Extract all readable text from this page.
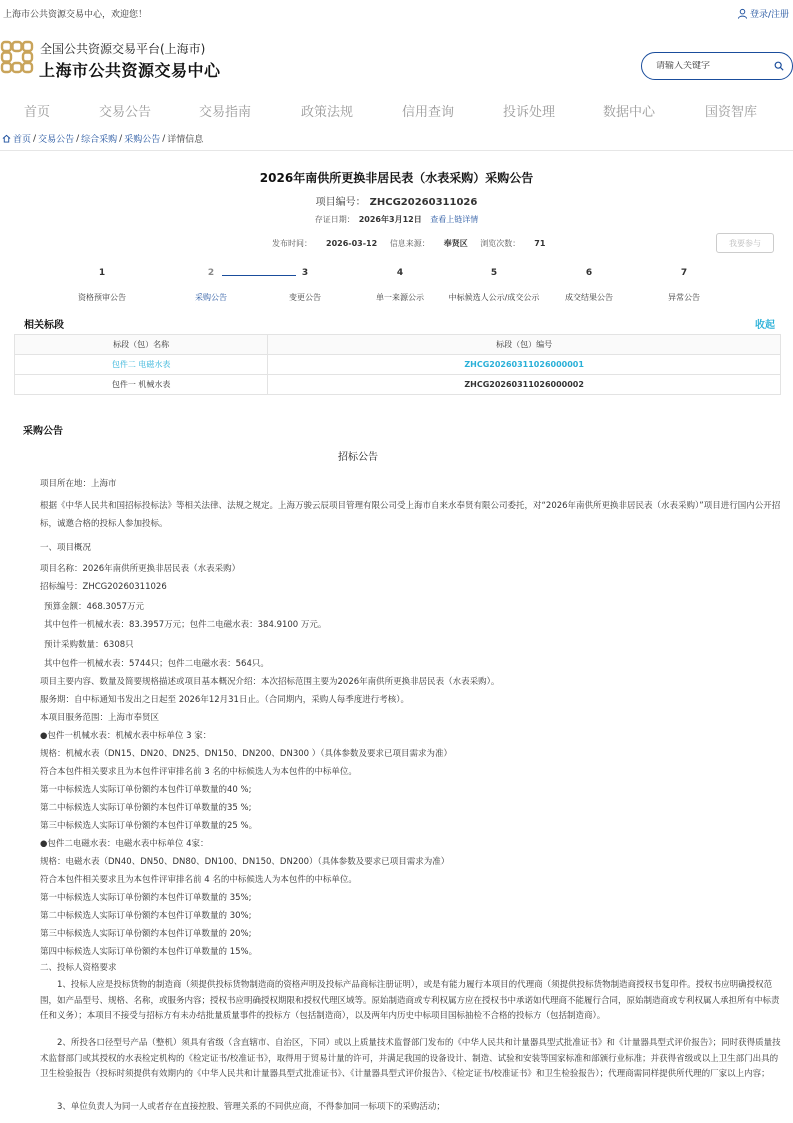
上海市公共资源交易中心，欢迎您！	登录/注册
全国公共资源交易平台(上海市)
上海市公共资源交易中心
请输入关键字
首页	交易公告	交易指南	政策法规	信用查询	投诉处理	数据中心	国资智库
首页 / 交易公告 / 综合采购 / 采购公告 / 详情信息
2026年南供所更换非居民表（水表采购）采购公告
项目编号： ZHCG20260311026
存证日期： 2026年3月12日 查看上链详情
发布时间： 2026-03-12 信息来源： 奉贤区 浏览次数： 71	我要参与
1
资格预审公告
2
采购公告
3
变更公告
4
单一来源公示
5
中标候选人公示/成交公示
6
成交结果公告
7
异常公告
相关标段	收起
标段（包）名称	标段（包）编号
包件二 电磁水表	ZHCG20260311026000001
包件一 机械水表	ZHCG20260311026000002
采购公告
招标公告
项目所在地：上海市
根据《中华人民共和国招标投标法》等相关法律、法规之规定。上海万骏云辰项目管理有限公司受上海市自来水奉贤有限公司委托，对“2026年南供所更换非居民表（水表采购）”项目进行国内公开招标，诚邀合格的投标人参加投标。
一、项目概况
项目名称：2026年南供所更换非居民表（水表采购）
招标编号：ZHCG20260311026
预算金额：468.3057万元
其中包件一机械水表：83.3957万元；包件二电磁水表：384.9100 万元。
预计采购数量：6308只
其中包件一机械水表：5744只；包件二电磁水表：564只。
项目主要内容、数量及简要规格描述或项目基本概况介绍：本次招标范围主要为2026年南供所更换非居民表（水表采购）。
服务期：自中标通知书发出之日起至 2026年12月31日止。（合同期内，采购人每季度进行考核）。
本项目服务范围：上海市奉贤区
●包件一机械水表：机械水表中标单位 3 家：
规格：机械水表（DN15、DN20、DN25、DN150、DN200、DN300 ）（具体参数及要求已项目需求为准）
符合本包件相关要求且为本包件评审排名前 3 名的中标候选人为本包件的中标单位。
第一中标候选人实际订单份额约本包件订单数量的40 %;
第二中标候选人实际订单份额约本包件订单数量的35 %;
第三中标候选人实际订单份额约本包件订单数量的25 %。
●包件二电磁水表：电磁水表中标单位 4家：
规格：电磁水表（DN40、DN50、DN80、DN100、DN150、DN200）（具体参数及要求已项目需求为准）
符合本包件相关要求且为本包件评审排名前 4 名的中标候选人为本包件的中标单位。
第一中标候选人实际订单份额约本包件订单数量的 35%;
第二中标候选人实际订单份额约本包件订单数量的 30%;
第三中标候选人实际订单份额约本包件订单数量的 20%;
第四中标候选人实际订单份额约本包件订单数量的 15%。
二、投标人资格要求
1、投标人应是投标货物的制造商（须提供投标货物制造商的资格声明及投标产品商标注册证明），或是有能力履行本项目的代理商（须提供投标货物制造商授权书复印件。授权书应明确授权范围，如产品型号、规格、名称，或服务内容；授权书应明确授权期限和授权代理区域等。原始制造商或专利权属方应在授权书中承诺如代理商不能履行合同，原始制造商或专利权属人承担所有中标责任和义务）；本项目不接受与招标方有未办结批量质量事件的投标方（包括制造商），以及两年内历史中标项目国标抽检不合格的投标方（包括制造商）。
2、所投各口径型号产品（整机）须具有省级（含直辖市、自治区，下同）或以上质量技术监督部门发布的《中华人民共和计量器具型式批准证书》和《计量器具型式评价报告》；同时获得质量技术监督部门或其授权的水表检定机构的《检定证书/校准证书》，取得用于贸易计量的许可，并满足我国的设备设计、制造、试验和安装等国家标准和部颁行业标准；并获得省级或以上卫生部门出具的卫生检验报告（投标时须提供有效期内的《中华人民共和计量器具型式批准证书》、《计量器具型式评价报告》、《检定证书/校准证书》和卫生检验报告）；代理商需同样提供所代理的厂家以上内容；
3、单位负责人为同一人或者存在直接控股、管理关系的不同供应商，不得参加同一标项下的采购活动；
